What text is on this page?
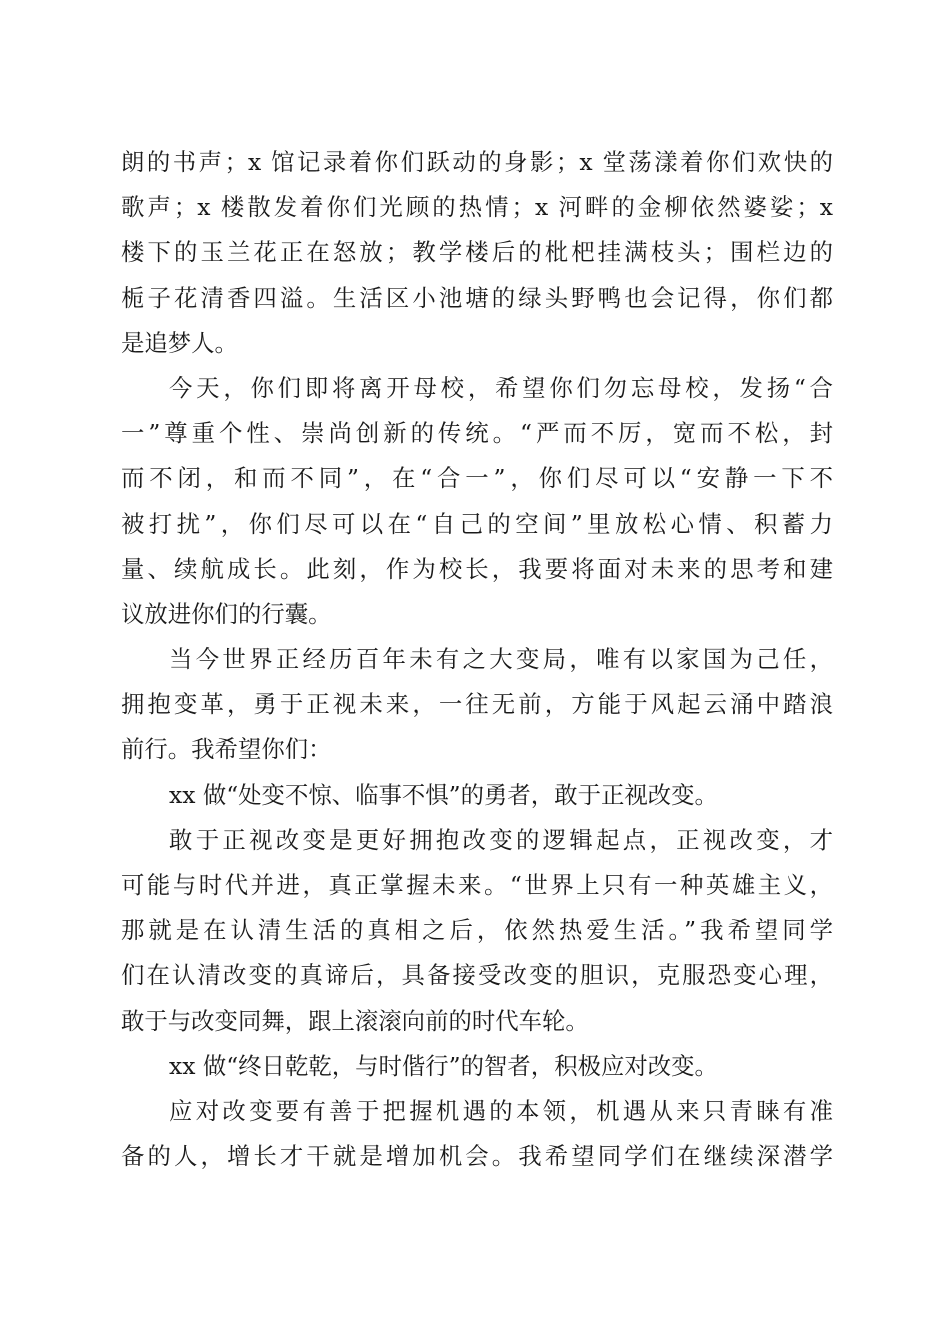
朗的书声；x 馆记录着你们跃动的身影；x 堂荡漾着你们欢快的
歌声；x 楼散发着你们光顾的热情；x 河畔的金柳依然婆娑；x
楼下的玉兰花正在怒放；教学楼后的枇杷挂满枝头；围栏边的
栀子花清香四溢。生活区小池塘的绿头野鸭也会记得，你们都
是追梦人。
今天，你们即将离开母校，希望你们勿忘母校，发扬“合
一”尊重个性、崇尚创新的传统。“严而不厉，宽而不松，封
而不闭，和而不同”，在“合一”，你们尽可以“安静一下不
被打扰”，你们尽可以在“自己的空间”里放松心情、积蓄力
量、续航成长。此刻，作为校长，我要将面对未来的思考和建
议放进你们的行囊。
当今世界正经历百年未有之大变局，唯有以家国为己任，
拥抱变革，勇于正视未来，一往无前，方能于风起云涌中踏浪
前行。我希望你们：
xx 做“处变不惊、临事不惧”的勇者，敢于正视改变。
敢于正视改变是更好拥抱改变的逻辑起点，正视改变，才
可能与时代并进，真正掌握未来。“世界上只有一种英雄主义，
那就是在认清生活的真相之后，依然热爱生活。”我希望同学
们在认清改变的真谛后，具备接受改变的胆识，克服恐变心理，
敢于与改变同舞，跟上滚滚向前的时代车轮。
xx 做“终日乾乾，与时偕行”的智者，积极应对改变。
应对改变要有善于把握机遇的本领，机遇从来只青睐有准
备的人，增长才干就是增加机会。我希望同学们在继续深潜学
